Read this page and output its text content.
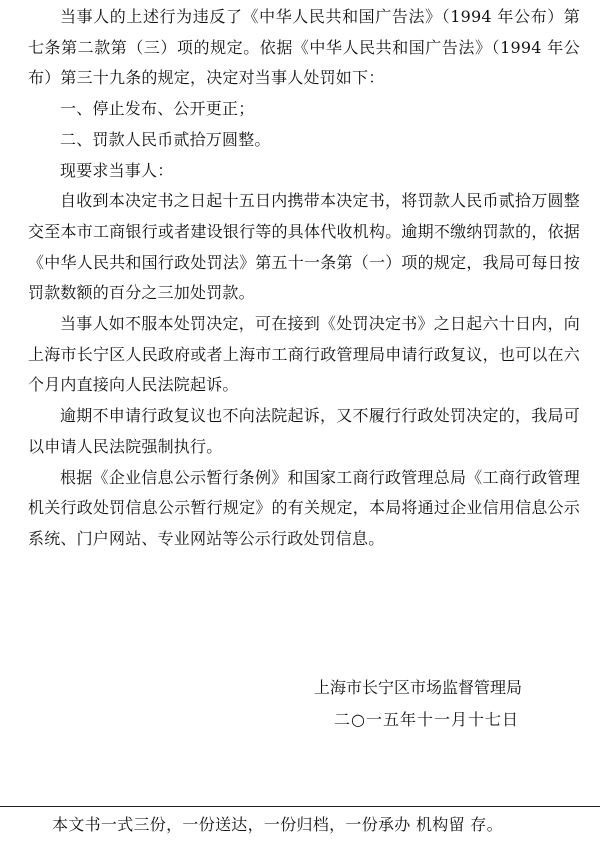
当事人的上述行为违反了《中华人民共和国广告法》（1994 年公布）第七条第二款第（三）项的规定。依据《中华人民共和国广告法》（1994 年公布）第三十九条的规定，决定对当事人处罚如下：

一、停止发布、公开更正；

二、罚款人民币贰拾万圆整。

现要求当事人：

自收到本决定书之日起十五日内携带本决定书，将罚款人民币贰拾万圆整交至本市工商银行或者建设银行等的具体代收机构。逾期不缴纳罚款的，依据《中华人民共和国行政处罚法》第五十一条第（一）项的规定，我局可每日按罚款数额的百分之三加处罚款。

当事人如不服本处罚决定，可在接到《处罚决定书》之日起六十日内，向上海市长宁区人民政府或者上海市工商行政管理局申请行政复议，也可以在六个月内直接向人民法院起诉。

逾期不申请行政复议也不向法院起诉，又不履行行政处罚决定的，我局可以申请人民法院强制执行。

根据《企业信息公示暂行条例》和国家工商行政管理总局《工商行政管理机关行政处罚信息公示暂行规定》的有关规定，本局将通过企业信用信息公示系统、门户网站、专业网站等公示行政处罚信息。

上海市长宁区市场监督管理局
二○一五年十一月十七日
本文书一式三份，一份送达，一份归档，一份承办 机构留 存。
